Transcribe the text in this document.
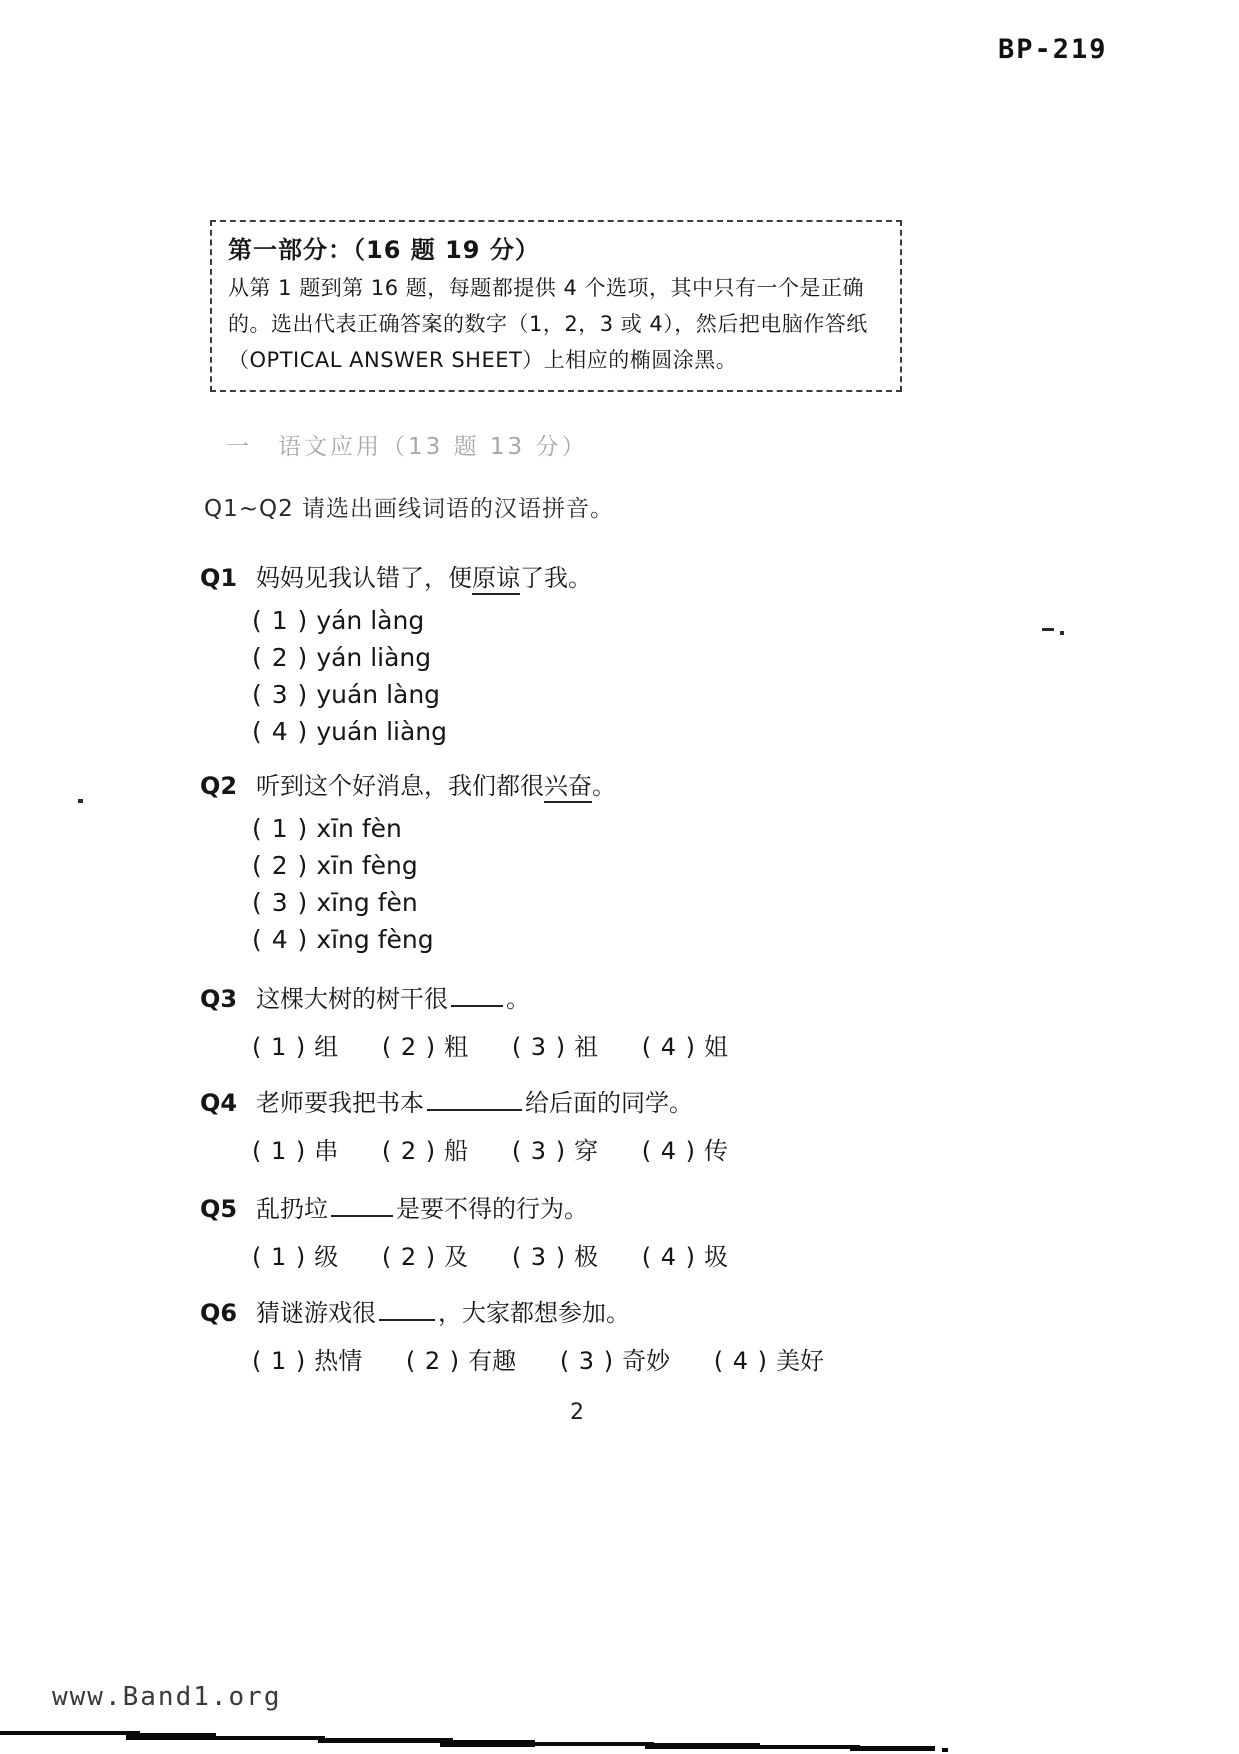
BP-219
第一部分：（16 题 19 分）
从第 1 题到第 16 题，每题都提供 4 个选项，其中只有一个是正确
的。选出代表正确答案的数字（1，2，3 或 4），然后把电脑作答纸
（OPTICAL ANSWER SHEET）上相应的椭圆涂黑。
一　语文应用（13 题 13 分）
Q1~Q2 请选出画线词语的汉语拼音。
Q1 妈妈见我认错了，便原谅了我。
( 1 ) yán làng
( 2 ) yán liàng
( 3 ) yuán làng
( 4 ) yuán liàng
Q2 听到这个好消息，我们都很兴奋。
( 1 ) xīn fèn
( 2 ) xīn fèng
( 3 ) xīng fèn
( 4 ) xīng fèng
Q3 这棵大树的树干很 。
( 1 ) 组 ( 2 ) 粗 ( 3 ) 祖 ( 4 ) 姐
Q4 老师要我把书本	给后面的同学。
( 1 ) 串 ( 2 ) 船 ( 3 ) 穿 ( 4 ) 传
Q5 乱扔垃	是要不得的行为。
( 1 ) 级 ( 2 ) 及 ( 3 ) 极 ( 4 ) 圾
Q6 猜谜游戏很	，大家都想参加。
( 1 ) 热情 ( 2 ) 有趣 ( 3 ) 奇妙 ( 4 ) 美好
2
www.Band1.org
